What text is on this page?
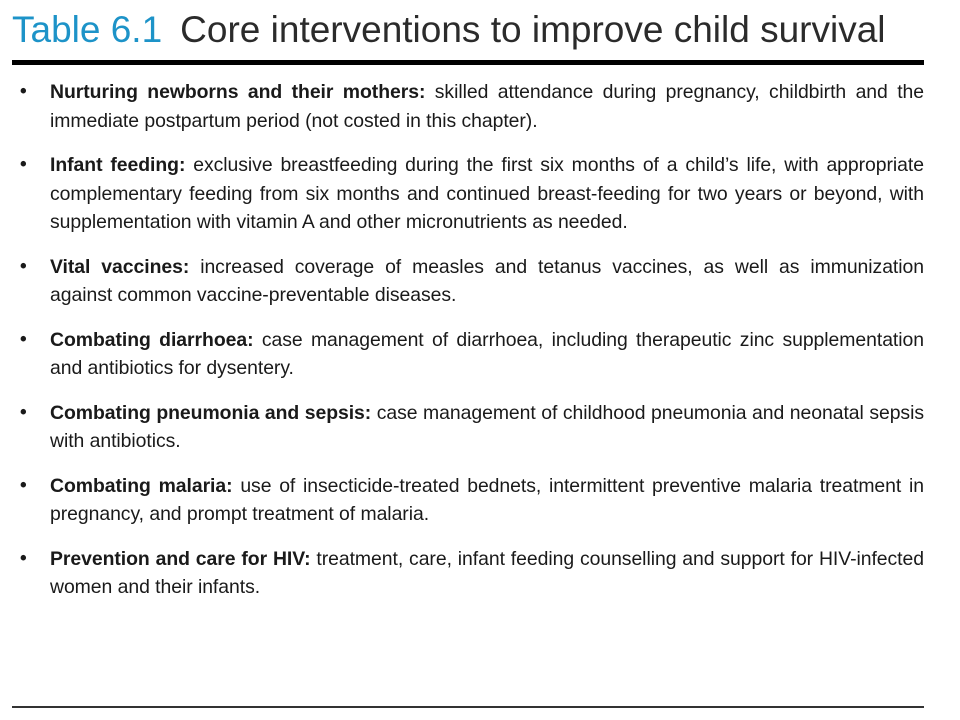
Table 6.1 Core interventions to improve child survival
• Nurturing newborns and their mothers: skilled attendance during pregnancy, childbirth and the immediate postpartum period (not costed in this chapter).
• Infant feeding: exclusive breastfeeding during the first six months of a child’s life, with appropriate complementary feeding from six months and continued breast-feeding for two years or beyond, with supplementation with vitamin A and other micronutrients as needed.
• Vital vaccines: increased coverage of measles and tetanus vaccines, as well as immunization against common vaccine-preventable diseases.
• Combating diarrhoea: case management of diarrhoea, including therapeutic zinc supplementation and antibiotics for dysentery.
• Combating pneumonia and sepsis: case management of childhood pneumonia and neonatal sepsis with antibiotics.
• Combating malaria: use of insecticide-treated bednets, intermittent preventive malaria treatment in pregnancy, and prompt treatment of malaria.
• Prevention and care for HIV: treatment, care, infant feeding counselling and support for HIV-infected women and their infants.
